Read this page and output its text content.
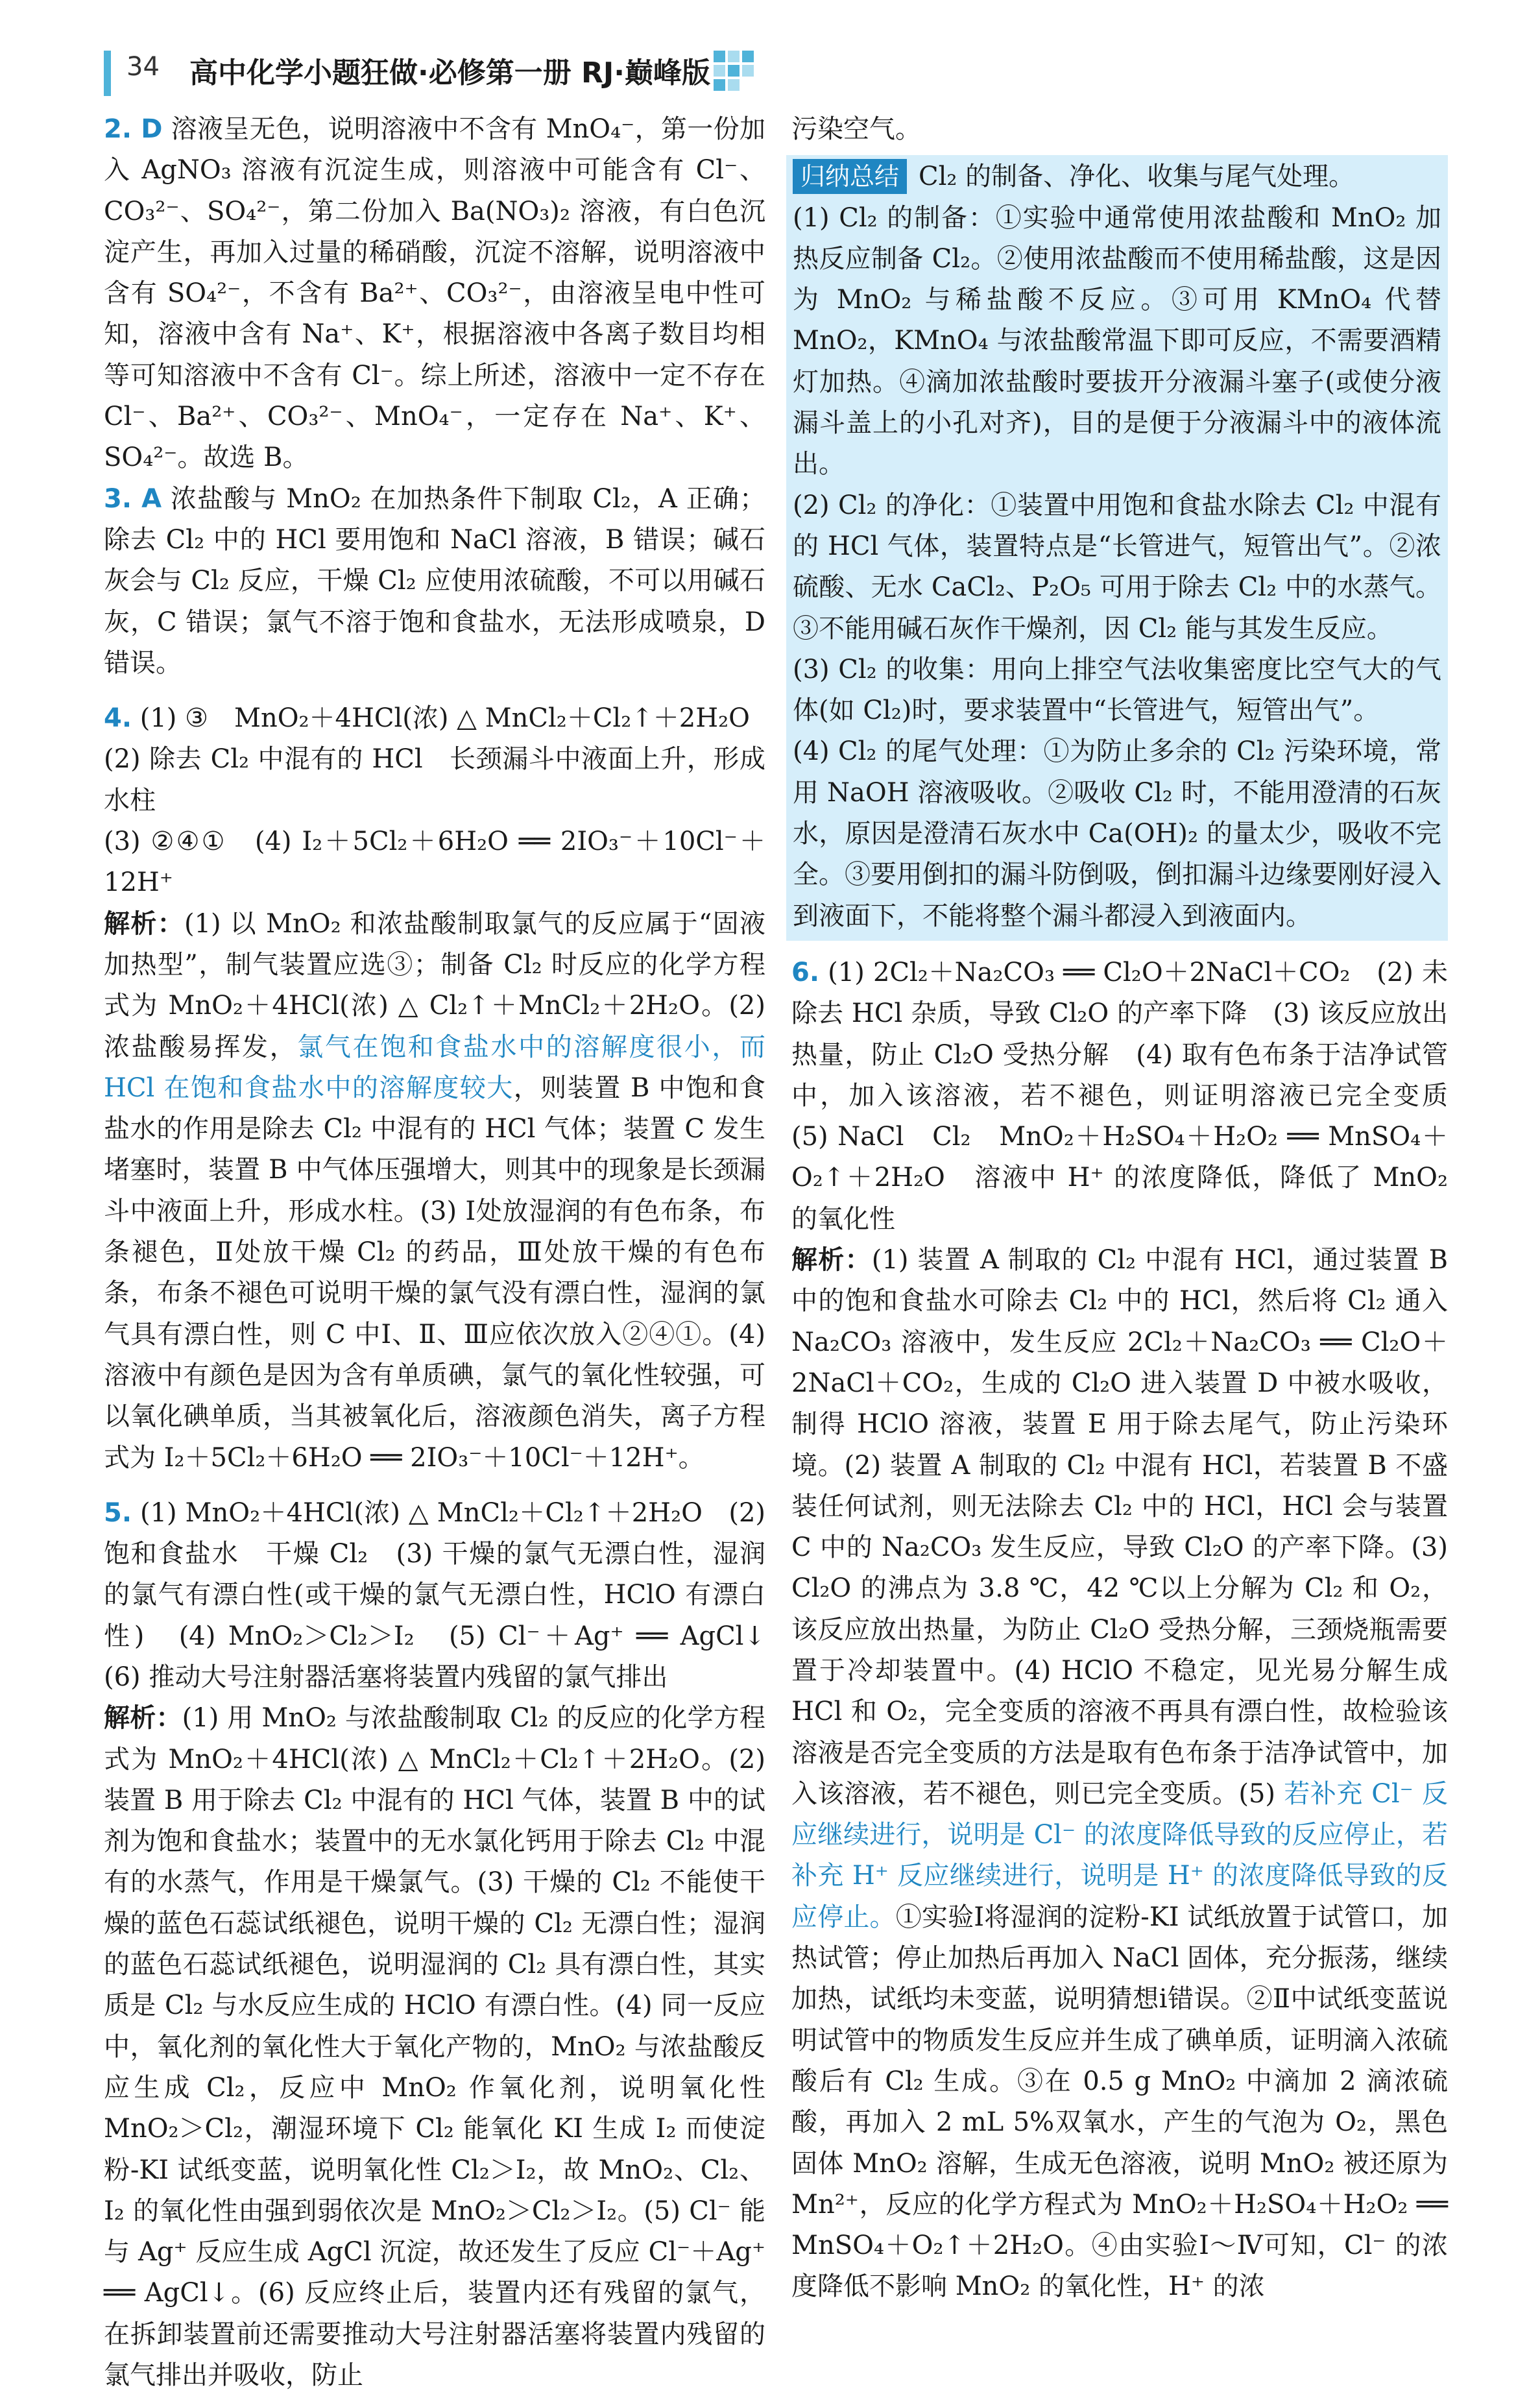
34 高中化学小题狂做·必修第一册 RJ·巅峰版

2. D 溶液呈无色，说明溶液中不含有 MnO₄⁻，第一份加入 AgNO₃ 溶液有沉淀生成，则溶液中可能含有 Cl⁻、CO₃²⁻、SO₄²⁻，第二份加入 Ba(NO₃)₂ 溶液，有白色沉淀产生，再加入过量的稀硝酸，沉淀不溶解，说明溶液中含有 SO₄²⁻，不含有 Ba²⁺、CO₃²⁻，由溶液呈电中性可知，溶液中含有 Na⁺、K⁺，根据溶液中各离子数目均相等可知溶液中不含有 Cl⁻。综上所述，溶液中一定不存在 Cl⁻、Ba²⁺、CO₃²⁻、MnO₄⁻，一定存在 Na⁺、K⁺、SO₄²⁻。故选 B。

3. A 浓盐酸与 MnO₂ 在加热条件下制取 Cl₂，A 正确；除去 Cl₂ 中的 HCl 要用饱和 NaCl 溶液，B 错误；碱石灰会与 Cl₂ 反应，干燥 Cl₂ 应使用浓硫酸，不可以用碱石灰，C 错误；氯气不溶于饱和食盐水，无法形成喷泉，D 错误。

4. (1) ③　MnO₂＋4HCl(浓) △ MnCl₂＋Cl₂↑＋2H₂O

(2) 除去 Cl₂ 中混有的 HCl　长颈漏斗中液面上升，形成水柱

(3) ②④①　(4) I₂＋5Cl₂＋6H₂O ══ 2IO₃⁻＋10Cl⁻＋12H⁺

解析：(1) 以 MnO₂ 和浓盐酸制取氯气的反应属于“固液加热型”，制气装置应选③；制备 Cl₂ 时反应的化学方程式为 MnO₂＋4HCl(浓) △ Cl₂↑＋MnCl₂＋2H₂O。(2) 浓盐酸易挥发，氯气在饱和食盐水中的溶解度很小，而 HCl 在饱和食盐水中的溶解度较大，则装置 B 中饱和食盐水的作用是除去 Cl₂ 中混有的 HCl 气体；装置 C 发生堵塞时，装置 B 中气体压强增大，则其中的现象是长颈漏斗中液面上升，形成水柱。(3) Ⅰ处放湿润的有色布条，布条褪色，Ⅱ处放干燥 Cl₂ 的药品，Ⅲ处放干燥的有色布条，布条不褪色可说明干燥的氯气没有漂白性，湿润的氯气具有漂白性，则 C 中Ⅰ、Ⅱ、Ⅲ应依次放入②④①。(4) 溶液中有颜色是因为含有单质碘，氯气的氧化性较强，可以氧化碘单质，当其被氧化后，溶液颜色消失，离子方程式为 I₂＋5Cl₂＋6H₂O ══ 2IO₃⁻＋10Cl⁻＋12H⁺。

5. (1) MnO₂＋4HCl(浓) △ MnCl₂＋Cl₂↑＋2H₂O　(2) 饱和食盐水　干燥 Cl₂　(3) 干燥的氯气无漂白性，湿润的氯气有漂白性(或干燥的氯气无漂白性，HClO 有漂白性)　(4) MnO₂＞Cl₂＞I₂　(5) Cl⁻＋Ag⁺ ══ AgCl↓　(6) 推动大号注射器活塞将装置内残留的氯气排出

解析：(1) 用 MnO₂ 与浓盐酸制取 Cl₂ 的反应的化学方程式为 MnO₂＋4HCl(浓) △ MnCl₂＋Cl₂↑＋2H₂O。(2) 装置 B 用于除去 Cl₂ 中混有的 HCl 气体，装置 B 中的试剂为饱和食盐水；装置中的无水氯化钙用于除去 Cl₂ 中混有的水蒸气，作用是干燥氯气。(3) 干燥的 Cl₂ 不能使干燥的蓝色石蕊试纸褪色，说明干燥的 Cl₂ 无漂白性；湿润的蓝色石蕊试纸褪色，说明湿润的 Cl₂ 具有漂白性，其实质是 Cl₂ 与水反应生成的 HClO 有漂白性。(4) 同一反应中，氧化剂的氧化性大于氧化产物的，MnO₂ 与浓盐酸反应生成 Cl₂，反应中 MnO₂ 作氧化剂，说明氧化性 MnO₂＞Cl₂，潮湿环境下 Cl₂ 能氧化 KI 生成 I₂ 而使淀粉-KI 试纸变蓝，说明氧化性 Cl₂＞I₂，故 MnO₂、Cl₂、I₂ 的氧化性由强到弱依次是 MnO₂＞Cl₂＞I₂。(5) Cl⁻ 能与 Ag⁺ 反应生成 AgCl 沉淀，故还发生了反应 Cl⁻＋Ag⁺ ══ AgCl↓。(6) 反应终止后，装置内还有残留的氯气，在拆卸装置前还需要推动大号注射器活塞将装置内残留的氯气排出并吸收，防止

污染空气。

归纳总结 Cl₂ 的制备、净化、收集与尾气处理。

(1) Cl₂ 的制备：①实验中通常使用浓盐酸和 MnO₂ 加热反应制备 Cl₂。②使用浓盐酸而不使用稀盐酸，这是因为 MnO₂ 与稀盐酸不反应。③可用 KMnO₄ 代替 MnO₂，KMnO₄ 与浓盐酸常温下即可反应，不需要酒精灯加热。④滴加浓盐酸时要拔开分液漏斗塞子(或使分液漏斗盖上的小孔对齐)，目的是便于分液漏斗中的液体流出。

(2) Cl₂ 的净化：①装置中用饱和食盐水除去 Cl₂ 中混有的 HCl 气体，装置特点是“长管进气，短管出气”。②浓硫酸、无水 CaCl₂、P₂O₅ 可用于除去 Cl₂ 中的水蒸气。③不能用碱石灰作干燥剂，因 Cl₂ 能与其发生反应。

(3) Cl₂ 的收集：用向上排空气法收集密度比空气大的气体(如 Cl₂)时，要求装置中“长管进气，短管出气”。

(4) Cl₂ 的尾气处理：①为防止多余的 Cl₂ 污染环境，常用 NaOH 溶液吸收。②吸收 Cl₂ 时，不能用澄清的石灰水，原因是澄清石灰水中 Ca(OH)₂ 的量太少，吸收不完全。③要用倒扣的漏斗防倒吸，倒扣漏斗边缘要刚好浸入到液面下，不能将整个漏斗都浸入到液面内。

6. (1) 2Cl₂＋Na₂CO₃ ══ Cl₂O＋2NaCl＋CO₂　(2) 未除去 HCl 杂质，导致 Cl₂O 的产率下降　(3) 该反应放出热量，防止 Cl₂O 受热分解　(4) 取有色布条于洁净试管中，加入该溶液，若不褪色，则证明溶液已完全变质　(5) NaCl　Cl₂　MnO₂＋H₂SO₄＋H₂O₂ ══ MnSO₄＋O₂↑＋2H₂O　溶液中 H⁺ 的浓度降低，降低了 MnO₂ 的氧化性

解析：(1) 装置 A 制取的 Cl₂ 中混有 HCl，通过装置 B 中的饱和食盐水可除去 Cl₂ 中的 HCl，然后将 Cl₂ 通入 Na₂CO₃ 溶液中，发生反应 2Cl₂＋Na₂CO₃ ══ Cl₂O＋2NaCl＋CO₂，生成的 Cl₂O 进入装置 D 中被水吸收，制得 HClO 溶液，装置 E 用于除去尾气，防止污染环境。(2) 装置 A 制取的 Cl₂ 中混有 HCl，若装置 B 不盛装任何试剂，则无法除去 Cl₂ 中的 HCl，HCl 会与装置 C 中的 Na₂CO₃ 发生反应，导致 Cl₂O 的产率下降。(3) Cl₂O 的沸点为 3.8 ℃，42 ℃以上分解为 Cl₂ 和 O₂，该反应放出热量，为防止 Cl₂O 受热分解，三颈烧瓶需要置于冷却装置中。(4) HClO 不稳定，见光易分解生成 HCl 和 O₂，完全变质的溶液不再具有漂白性，故检验该溶液是否完全变质的方法是取有色布条于洁净试管中，加入该溶液，若不褪色，则已完全变质。(5) 若补充 Cl⁻ 反应继续进行，说明是 Cl⁻ 的浓度降低导致的反应停止，若补充 H⁺ 反应继续进行，说明是 H⁺ 的浓度降低导致的反应停止。①实验Ⅰ将湿润的淀粉-KI 试纸放置于试管口，加热试管；停止加热后再加入 NaCl 固体，充分振荡，继续加热，试纸均未变蓝，说明猜想ⅰ错误。②Ⅱ中试纸变蓝说明试管中的物质发生反应并生成了碘单质，证明滴入浓硫酸后有 Cl₂ 生成。③在 0.5 g MnO₂ 中滴加 2 滴浓硫酸，再加入 2 mL 5%双氧水，产生的气泡为 O₂，黑色固体 MnO₂ 溶解，生成无色溶液，说明 MnO₂ 被还原为 Mn²⁺，反应的化学方程式为 MnO₂＋H₂SO₄＋H₂O₂ ══ MnSO₄＋O₂↑＋2H₂O。④由实验Ⅰ～Ⅳ可知，Cl⁻ 的浓度降低不影响 MnO₂ 的氧化性，H⁺ 的浓
